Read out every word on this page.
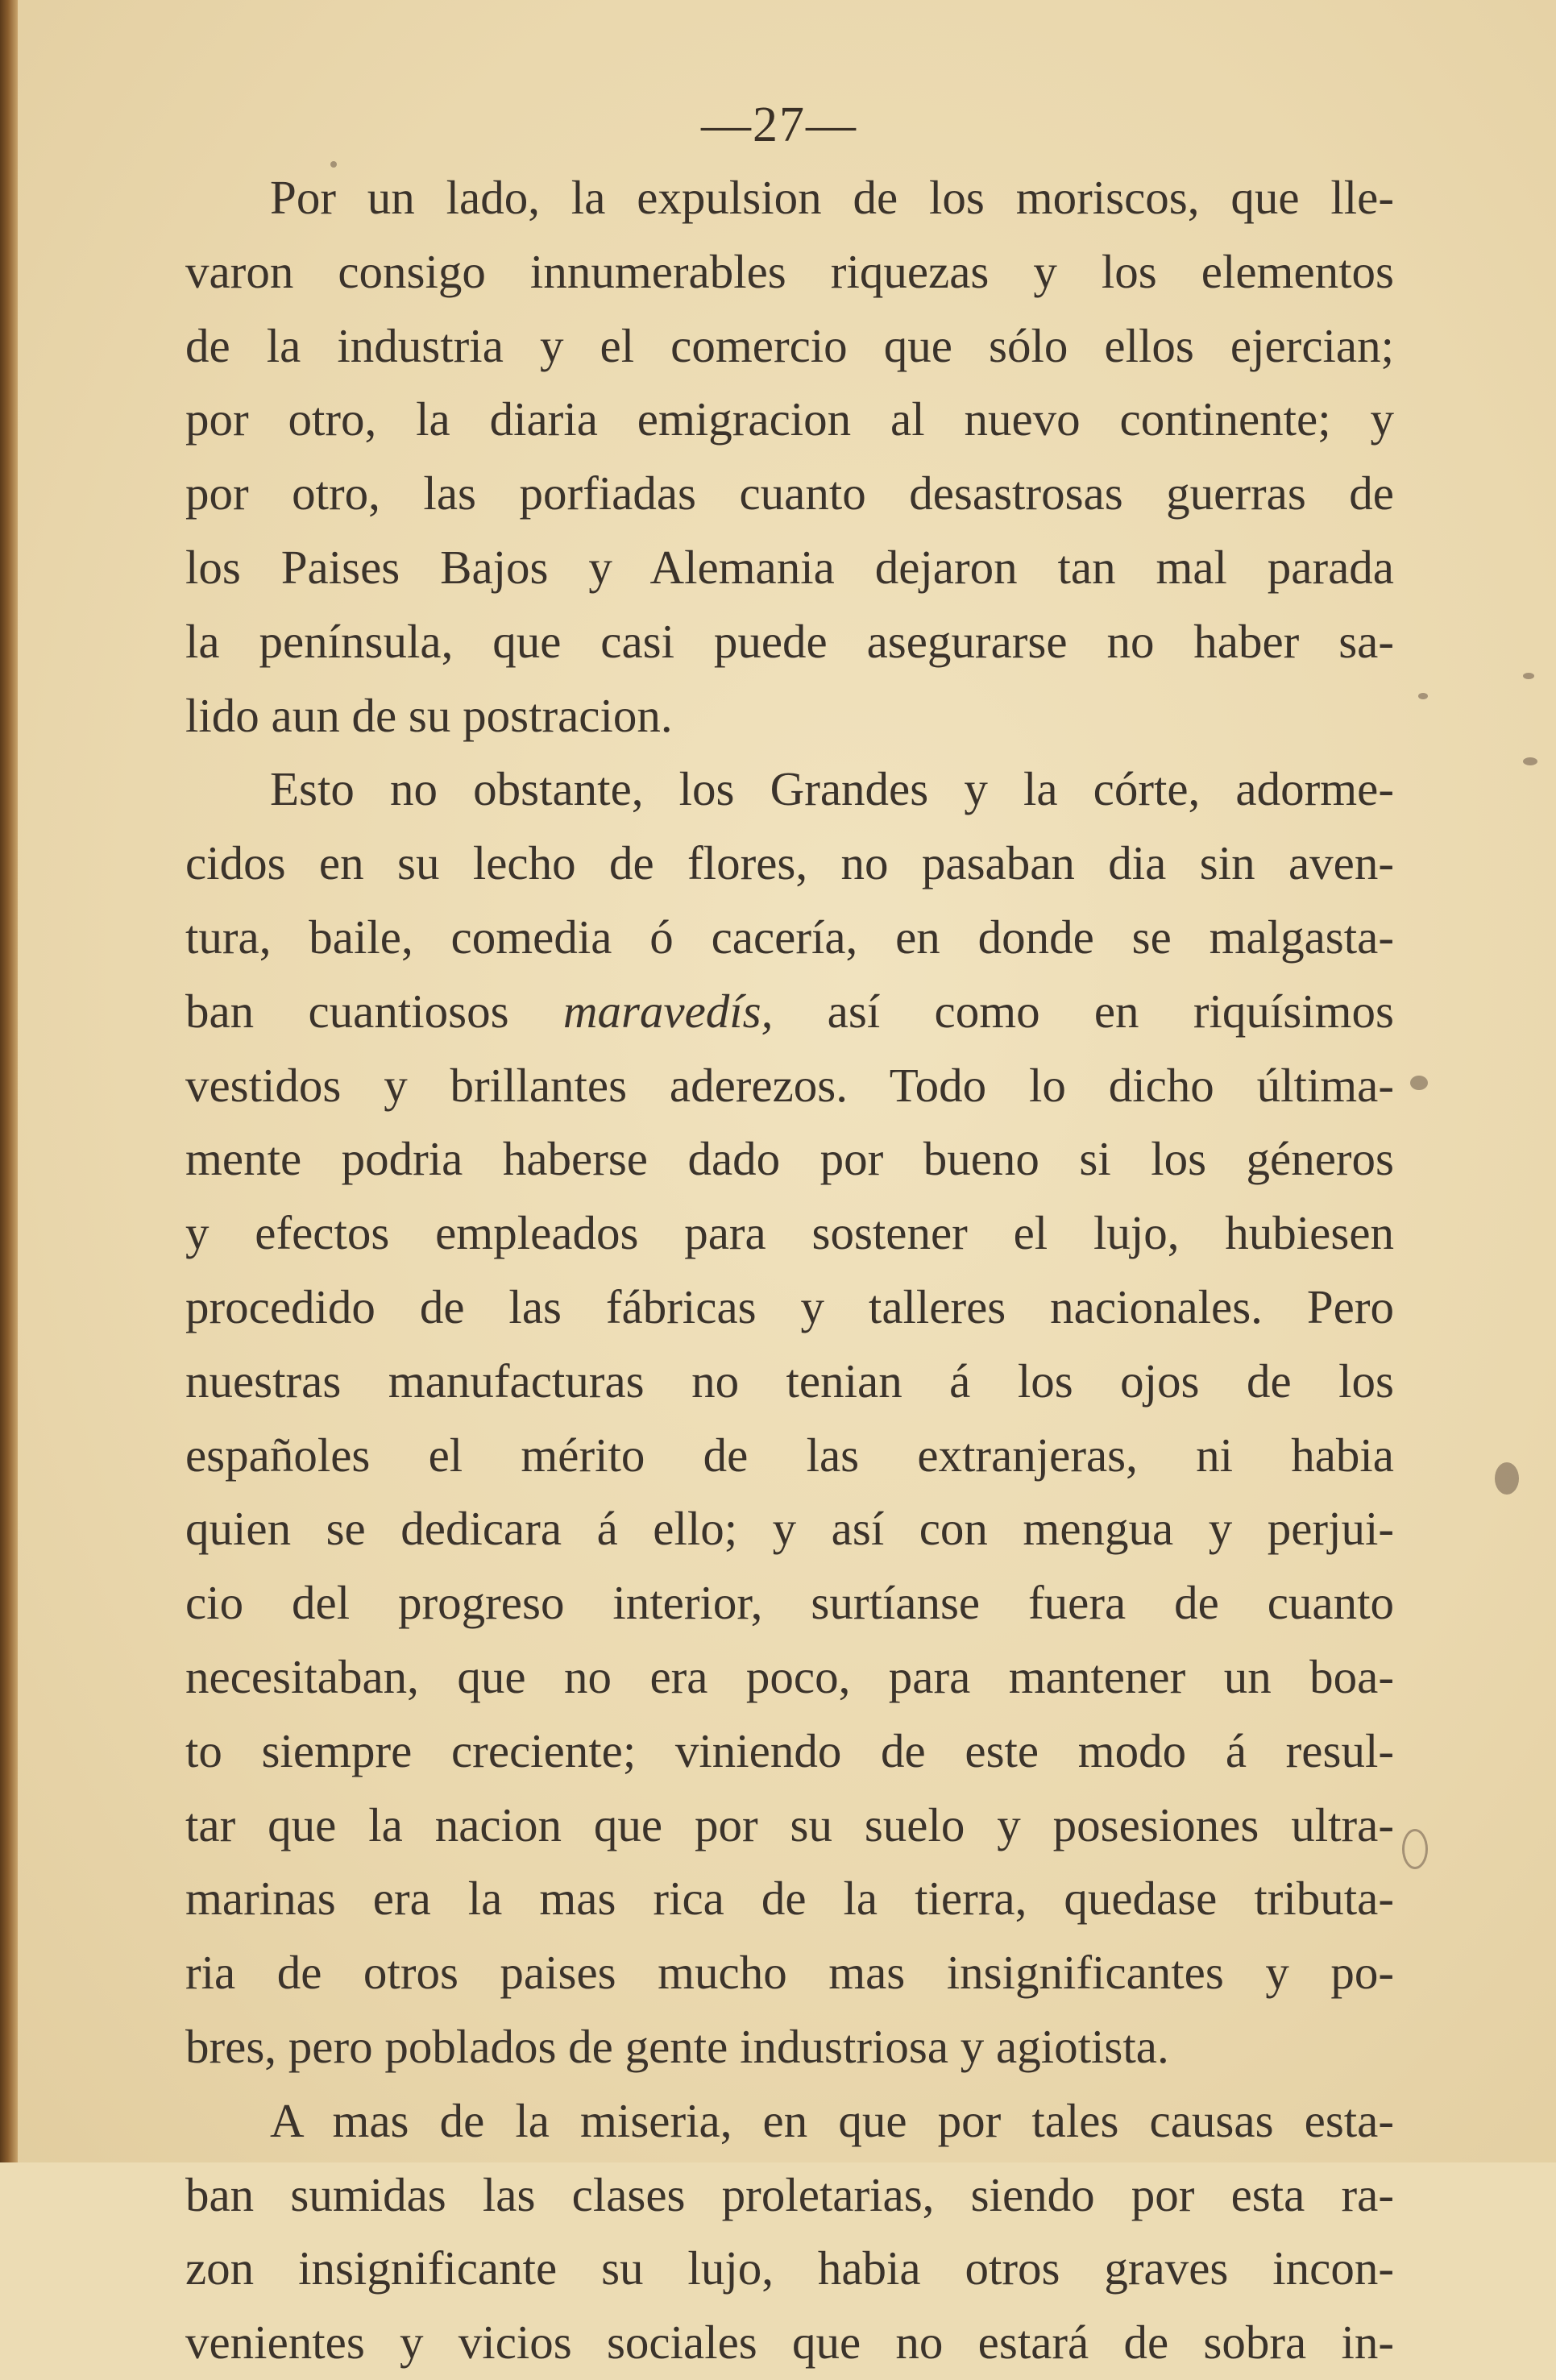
—27—
Por un lado, la expulsion de los moriscos, que lle-
varon consigo innumerables riquezas y los elementos
de la industria y el comercio que sólo ellos ejercian;
por otro, la diaria emigracion al nuevo continente; y
por otro, las porfiadas cuanto desastrosas guerras de
los Paises Bajos y Alemania dejaron tan mal parada
la península, que casi puede asegurarse no haber sa-
lido aun de su postracion.
Esto no obstante, los Grandes y la córte, adorme-
cidos en su lecho de flores, no pasaban dia sin aven-
tura, baile, comedia ó cacería, en donde se malgasta-
ban cuantiosos maravedís, así como en riquísimos
vestidos y brillantes aderezos. Todo lo dicho últimа-
mente podria haberse dado por bueno si los géneros
y efectos empleados para sostener el lujo, hubiesen
procedido de las fábricas y talleres nacionales. Pero
nuestras manufacturas no tenian á los ojos de los
españoles el mérito de las extranjeras, ni habia
quien se dedicara á ello; y así con mengua y perjui-
cio del progreso interior, surtíanse fuera de cuanto
necesitaban, que no era poco, para mantener un boa-
to siempre creciente; viniendo de este modo á resul-
tar que la nacion que por su suelo y posesiones ultra-
marinas era la mas rica de la tierra, quedase tributa-
ria de otros paises mucho mas insignificantes y po-
bres, pero poblados de gente industriosa y agiotista.
A mas de la miseria, en que por tales causas esta-
ban sumidas las clases proletarias, siendo por esta ra-
zon insignificante su lujo, habia otros graves incon-
venientes y vicios sociales que no estará de sobra in-
